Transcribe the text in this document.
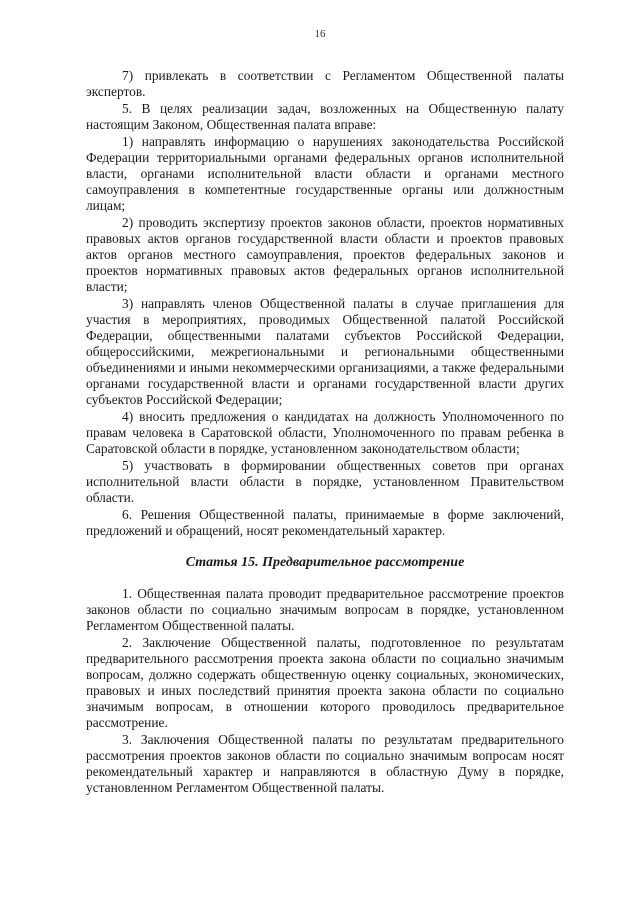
16

7) привлекать в соответствии с Регламентом Общественной палаты экспертов.

5. В целях реализации задач, возложенных на Общественную палату настоящим Законом, Общественная палата вправе:

1) направлять информацию о нарушениях законодательства Российской Федерации территориальными органами федеральных органов исполнительной власти, органами исполнительной власти области и органами местного самоуправления в компетентные государственные органы или должностным лицам;

2) проводить экспертизу проектов законов области, проектов нормативных правовых актов органов государственной власти области и проектов правовых актов органов местного самоуправления, проектов федеральных законов и проектов нормативных правовых актов федеральных органов исполнительной власти;

3) направлять членов Общественной палаты в случае приглашения для участия в мероприятиях, проводимых Общественной палатой Российской Федерации, общественными палатами субъектов Российской Федерации, общероссийскими, межрегиональными и региональными общественными объединениями и иными некоммерческими организациями, а также федеральными органами государственной власти и органами государственной власти других субъектов Российской Федерации;

4) вносить предложения о кандидатах на должность Уполномоченного по правам человека в Саратовской области, Уполномоченного по правам ребенка в Саратовской области в порядке, установленном законодательством области;

5) участвовать в формировании общественных советов при органах исполнительной власти области в порядке, установленном Правительством области.

6. Решения Общественной палаты, принимаемые в форме заключений, предложений и обращений, носят рекомендательный характер.

Статья 15. Предварительное рассмотрение

1. Общественная палата проводит предварительное рассмотрение проектов законов области по социально значимым вопросам в порядке, установленном Регламентом Общественной палаты.

2. Заключение Общественной палаты, подготовленное по результатам предварительного рассмотрения проекта закона области по социально значимым вопросам, должно содержать общественную оценку социальных, экономических, правовых и иных последствий принятия проекта закона области по социально значимым вопросам, в отношении которого проводилось предварительное рассмотрение.

3. Заключения Общественной палаты по результатам предварительного рассмотрения проектов законов области по социально значимым вопросам носят рекомендательный характер и направляются в областную Думу в порядке, установленном Регламентом Общественной палаты.
